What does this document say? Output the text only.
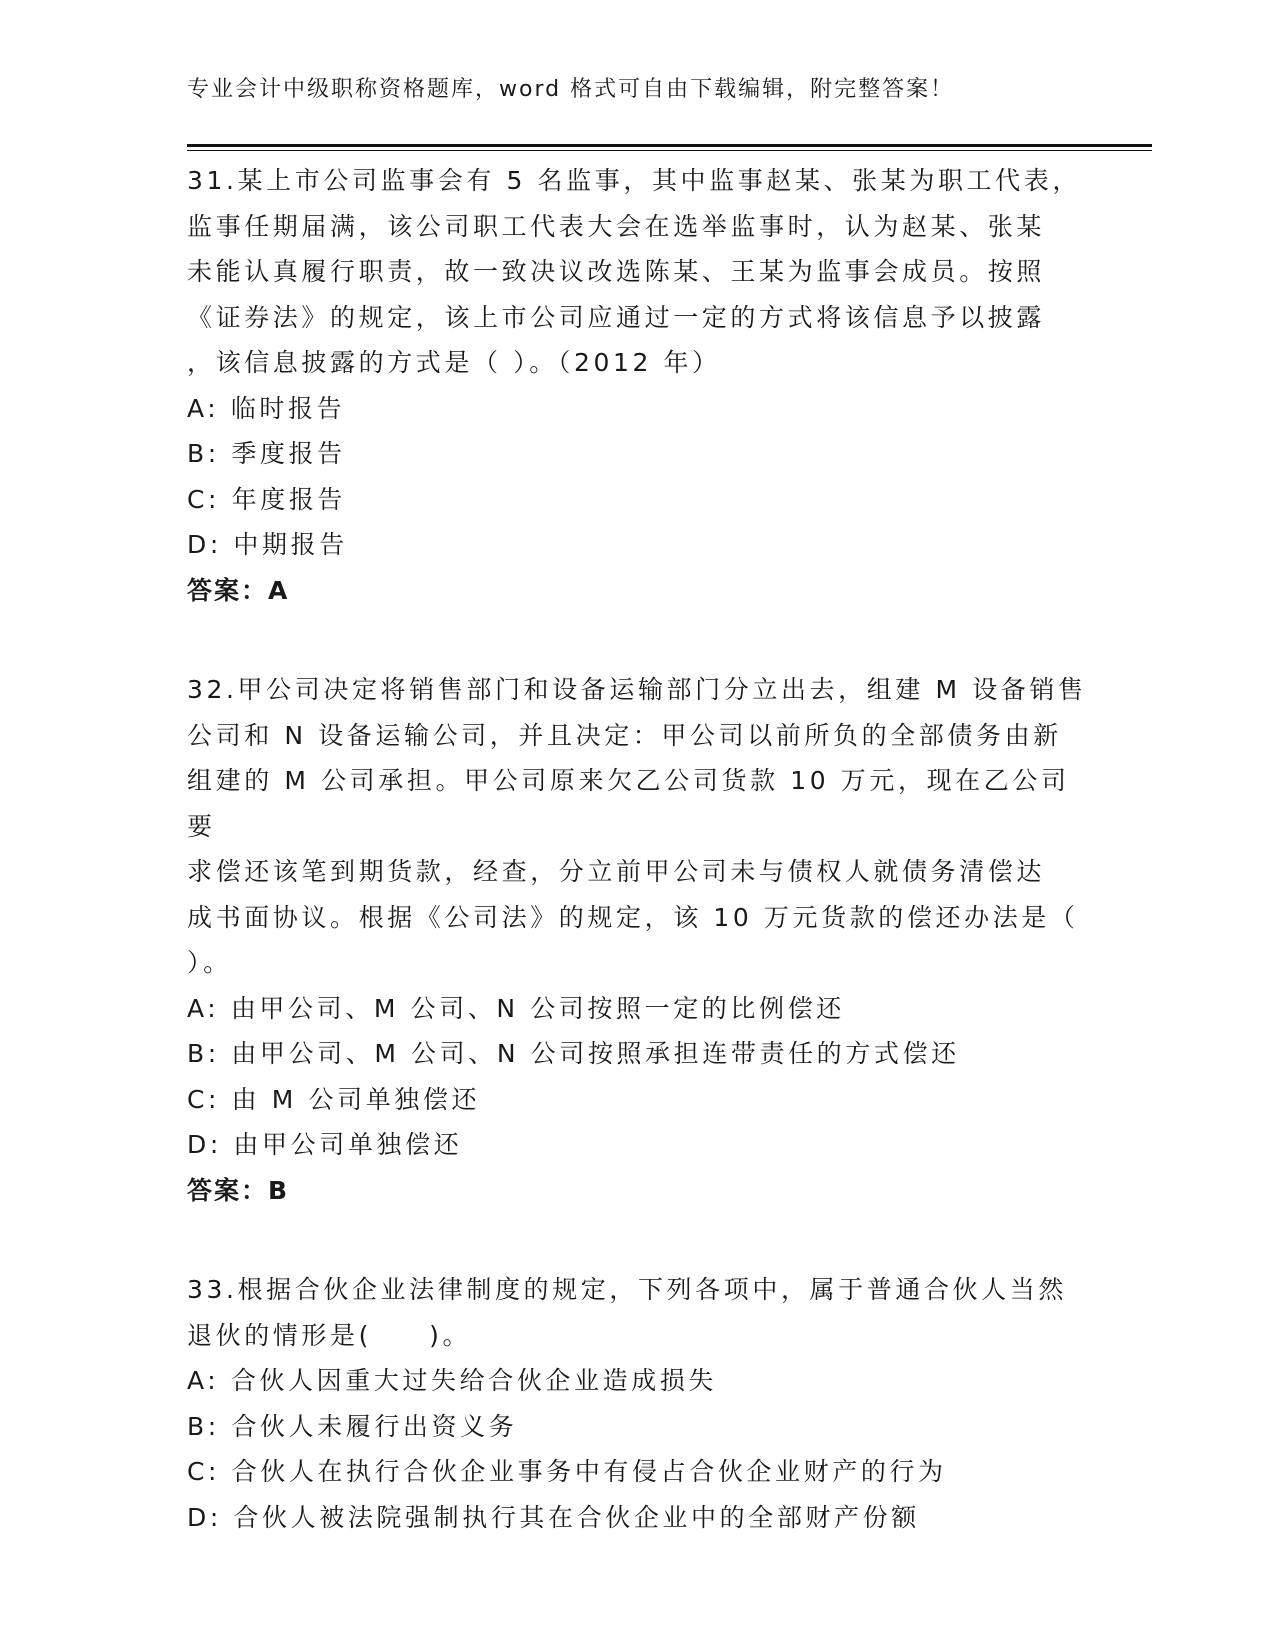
专业会计中级职称资格题库，word 格式可自由下载编辑，附完整答案！
31.某上市公司监事会有 5 名监事，其中监事赵某、张某为职工代表，
监事任期届满，该公司职工代表大会在选举监事时，认为赵某、张某
未能认真履行职责，故一致决议改选陈某、王某为监事会成员。按照
《证券法》的规定，该上市公司应通过一定的方式将该信息予以披露
，该信息披露的方式是（ ）。（2012 年）
A: 临时报告
B: 季度报告
C: 年度报告
D: 中期报告
答案：A
32.甲公司决定将销售部门和设备运输部门分立出去，组建 M 设备销售
公司和 N 设备运输公司，并且决定：甲公司以前所负的全部债务由新
组建的 M 公司承担。甲公司原来欠乙公司货款 10 万元，现在乙公司要
求偿还该笔到期货款，经查，分立前甲公司未与债权人就债务清偿达
成书面协议。根据《公司法》的规定，该 10 万元货款的偿还办法是（
）。
A: 由甲公司、M 公司、N 公司按照一定的比例偿还
B: 由甲公司、M 公司、N 公司按照承担连带责任的方式偿还
C: 由 M 公司单独偿还
D: 由甲公司单独偿还
答案：B
33.根据合伙企业法律制度的规定，下列各项中，属于普通合伙人当然
退伙的情形是(　　)。
A: 合伙人因重大过失给合伙企业造成损失
B: 合伙人未履行出资义务
C: 合伙人在执行合伙企业事务中有侵占合伙企业财产的行为
D: 合伙人被法院强制执行其在合伙企业中的全部财产份额
